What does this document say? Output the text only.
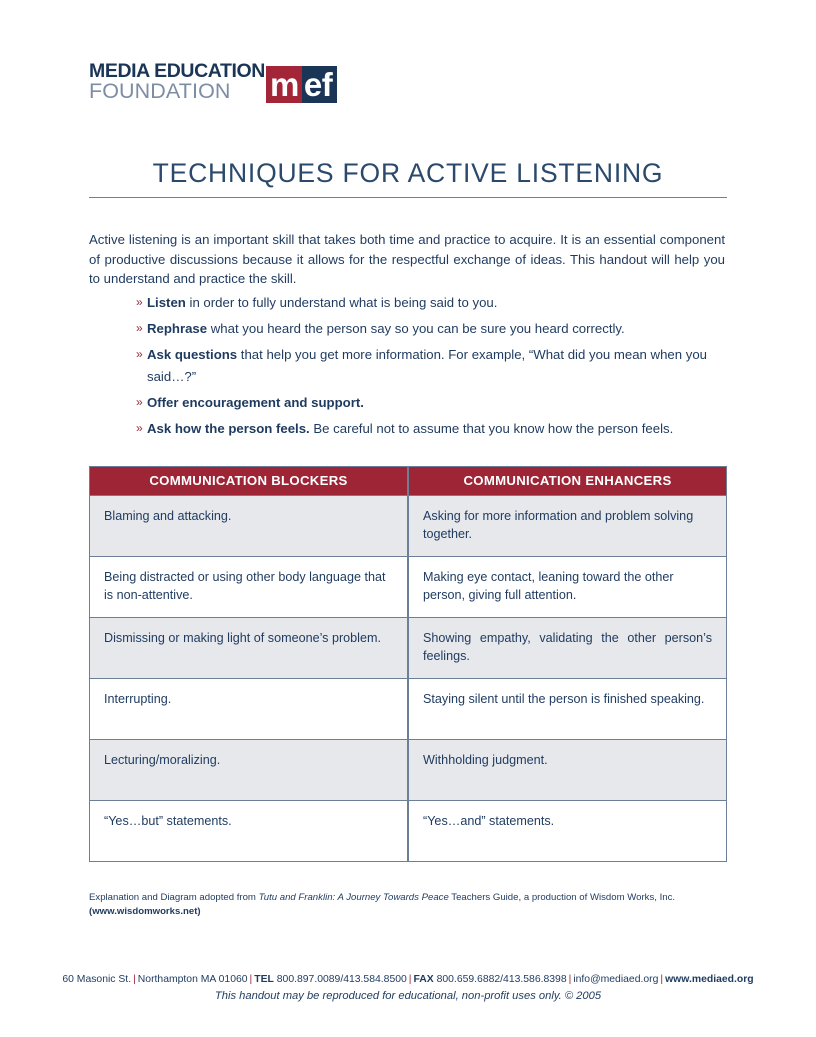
MEDIA EDUCATION
FOUNDATION	m ef
TECHNIQUES FOR ACTIVE LISTENING
Active listening is an important skill that takes both time and practice to acquire. It is an essential component of productive discussions because it allows for the respectful exchange of ideas. This handout will help you to understand and practice the skill.
» Listen in order to fully understand what is being said to you.
» Rephrase what you heard the person say so you can be sure you heard correctly.
» Ask questions that help you get more information. For example, “What did you mean when you said…?”
» Offer encouragement and support.
» Ask how the person feels. Be careful not to assume that you know how the person feels.
COMMUNICATION BLOCKERS	COMMUNICATION ENHANCERS
Blaming and attacking.	Asking for more information and problem solving together.
Being distracted or using other body language that is non-attentive.	Making eye contact, leaning toward the other person, giving full attention.
Dismissing or making light of someone’s problem.	Showing empathy, validating the other person’s feelings.
Interrupting.	Staying silent until the person is finished speaking.
Lecturing/moralizing.	Withholding judgment.
“Yes…but” statements.	“Yes…and” statements.
Explanation and Diagram adopted from Tutu and Franklin: A Journey Towards Peace Teachers Guide, a production of Wisdom Works, Inc.
(www.wisdomworks.net)
60 Masonic St. | Northampton MA 01060 | TEL 800.897.0089/413.584.8500 | FAX 800.659.6882/413.586.8398 | info@mediaed.org | www.mediaed.org
This handout may be reproduced for educational, non-profit uses only. © 2005
